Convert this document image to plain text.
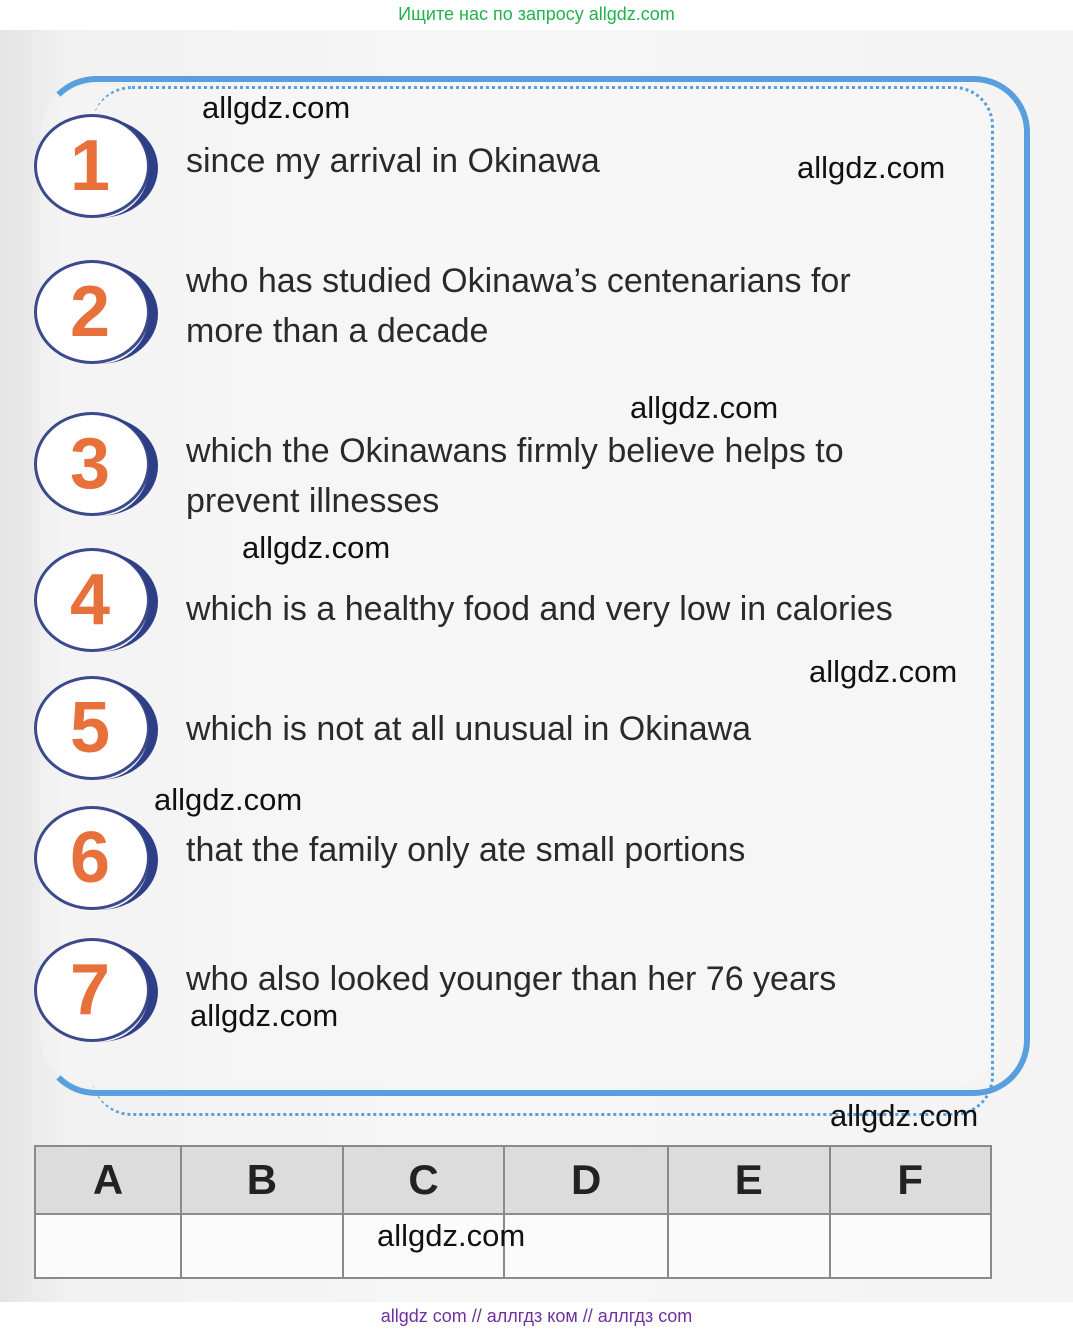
Ищите нас по запросу allgdz.com
1	since my arrival in Okinawa
2	who has studied Okinawa’s centenarians for more than a decade
3	which the Okinawans firmly believe helps to prevent illnesses
4	which is a healthy food and very low in calories
5	which is not at all unusual in Okinawa
6	that the family only ate small portions
7	who also looked younger than her 76 years
allgdz.com
allgdz.com
allgdz.com
allgdz.com
allgdz.com
allgdz.com
allgdz.com
allgdz.com
A	B	C	D	E	F

allgdz.com
allgdz com // аллгдз ком // аллгдз com
